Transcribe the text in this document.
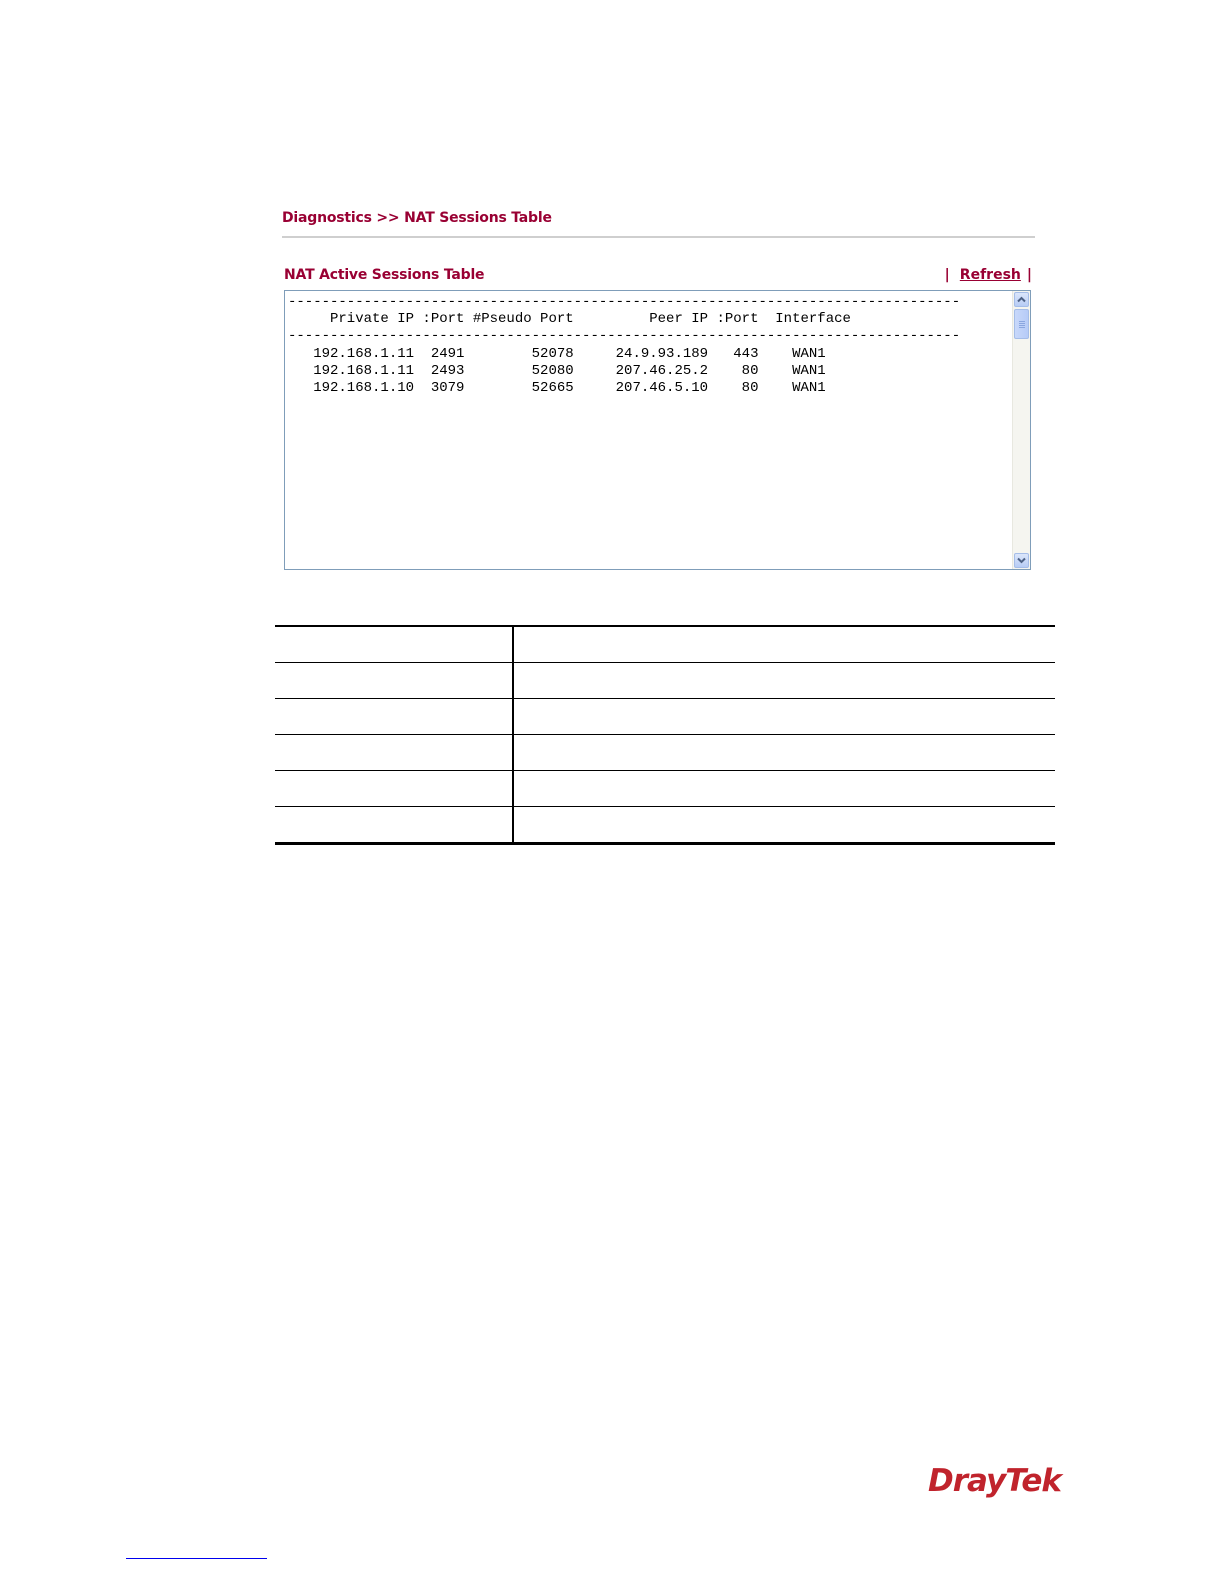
Diagnostics >> NAT Sessions Table
NAT Active Sessions Table	| Refresh |
--------------------------------------------------------------------------------
Private IP :Port #Pseudo Port         Peer IP :Port  Interface
--------------------------------------------------------------------------------
192.168.1.11  2491        52078     24.9.93.189   443    WAN1
192.168.1.11  2493        52080     207.46.25.2    80    WAN1
192.168.1.10  3079        52665     207.46.5.10    80    WAN1

DrayTek
